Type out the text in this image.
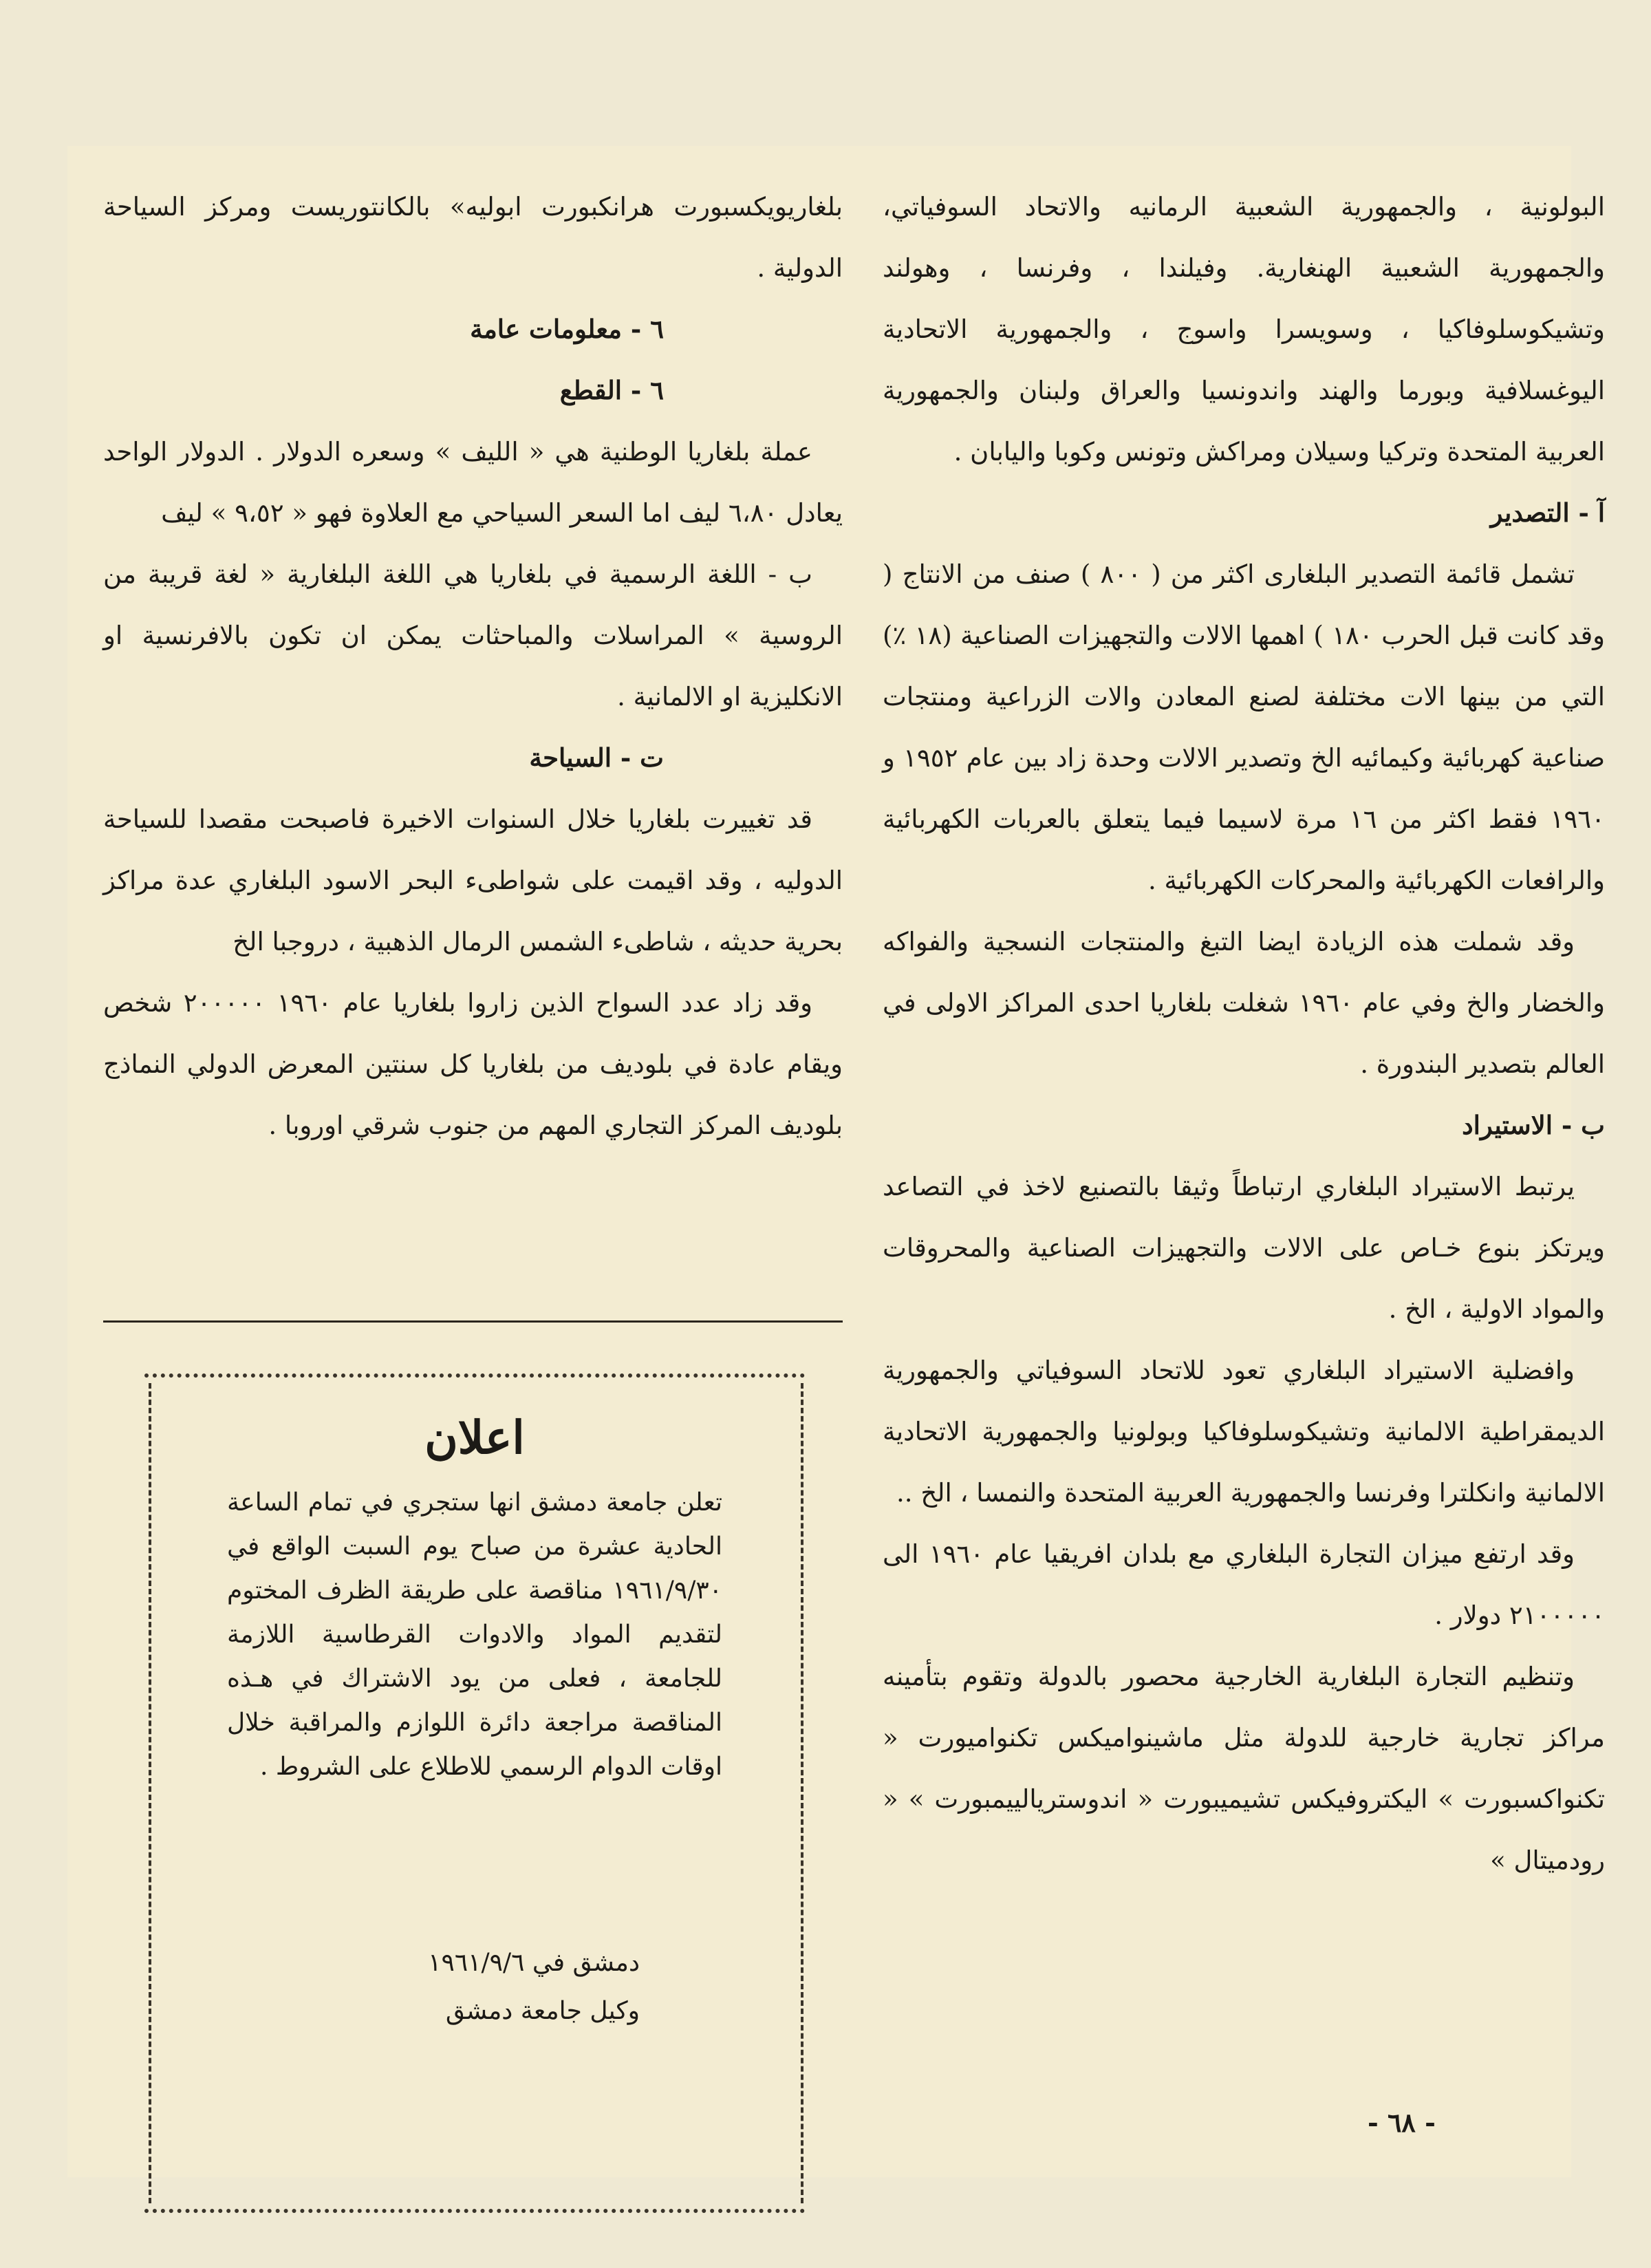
البولونية ، والجمهورية الشعبية الرمانيه والاتحاد السوفياتي، والجمهورية الشعبية الهنغارية. وفيلندا ، وفرنسا ، وهولند وتشيكوسلوفاكيا ، وسويسرا واسوج ، والجمهورية الاتحادية اليوغسلافية وبورما والهند واندونسيا والعراق ولبنان والجمهورية العربية المتحدة وتركيا وسيلان ومراكش وتونس وكوبا واليابان .

آ - التصدير

تشمل قائمة التصدير البلغارى اكثر من ( ٨٠٠ ) صنف من الانتاج ( وقد كانت قبل الحرب ١٨٠ ) اهمها الالات والتجهيزات الصناعية (١٨ ٪) التي من بينها الات مختلفة لصنع المعادن والات الزراعية ومنتجات صناعية كهربائية وكيمائيه الخ وتصدير الالات وحدة زاد بين عام ١٩٥٢ و ١٩٦٠ فقط اكثر من ١٦ مرة لاسيما فيما يتعلق بالعربات الكهربائية والرافعات الكهربائية والمحركات الكهربائية .

وقد شملت هذه الزيادة ايضا التبغ والمنتجات النسجية والفواكه والخضار والخ وفي عام ١٩٦٠ شغلت بلغاريا احدى المراكز الاولى في العالم بتصدير البندورة .

ب - الاستيراد

يرتبط الاستيراد البلغاري ارتباطاً وثيقا بالتصنيع لاخذ في التصاعد ويرتكز بنوع خـاص على الالات والتجهيزات الصناعية والمحروقات والمواد الاولية ، الخ .

وافضلية الاستيراد البلغاري تعود للاتحاد السوفياتي والجمهورية الديمقراطية الالمانية وتشيكوسلوفاكيا وبولونيا والجمهورية الاتحادية الالمانية وانكلترا وفرنسا والجمهورية العربية المتحدة والنمسا ، الخ ..

وقد ارتفع ميزان التجارة البلغاري مع بلدان افريقيا عام ١٩٦٠ الى ٢١٠٠٠٠٠ دولار .

وتنظيم التجارة البلغارية الخارجية محصور بالدولة وتقوم بتأمينه مراكز تجارية خارجية للدولة مثل ماشينواميكس تكنواميورت « تكنواكسبورت » اليكتروفيكس تشيميبورت « اندوستريالييمبورت » « رودميتال »

بلغاريويكسبورت هرانكبورت ابوليه» بالكانتوريست ومركز السياحة الدولية .

٦ - معلومات عامة

٦ - القطع

عملة بلغاريا الوطنية هي « الليف » وسعره الدولار . الدولار الواحد يعادل ٦،٨٠ ليف اما السعر السياحي مع العلاوة فهو « ٩،٥٢ » ليف

ب - اللغة الرسمية في بلغاريا هي اللغة البلغارية « لغة قريبة من الروسية » المراسلات والمباحثات يمكن ان تكون بالافرنسية او الانكليزية او الالمانية .

ت - السياحة

قد تغييرت بلغاريا خلال السنوات الاخيرة فاصبحت مقصدا للسياحة الدوليه ، وقد اقيمت على شواطىء البحر الاسود البلغاري عدة مراكز بحرية حديثه ، شاطىء الشمس الرمال الذهبية ، دروجبا الخ

وقد زاد عدد السواح الذين زاروا بلغاريا عام ١٩٦٠ ٢٠٠٠٠٠ شخص ويقام عادة في بلوديف من بلغاريا كل سنتين المعرض الدولي النماذج بلوديف المركز التجاري المهم من جنوب شرقي اوروبا .

اعلان
تعلن جامعة دمشق انها ستجري في تمام الساعة الحادية عشرة من صباح يوم السبت الواقع في ١٩٦١/٩/٣٠ مناقصة على طريقة الظرف المختوم لتقديم المواد والادوات القرطاسية اللازمة للجامعة ، فعلى من يود الاشتراك في هـذه المناقصة مراجعة دائرة اللوازم والمراقبة خلال اوقات الدوام الرسمي للاطلاع على الشروط .
دمشق في ١٩٦١/٩/٦
وكيل جامعة دمشق
- ٦٨ -
